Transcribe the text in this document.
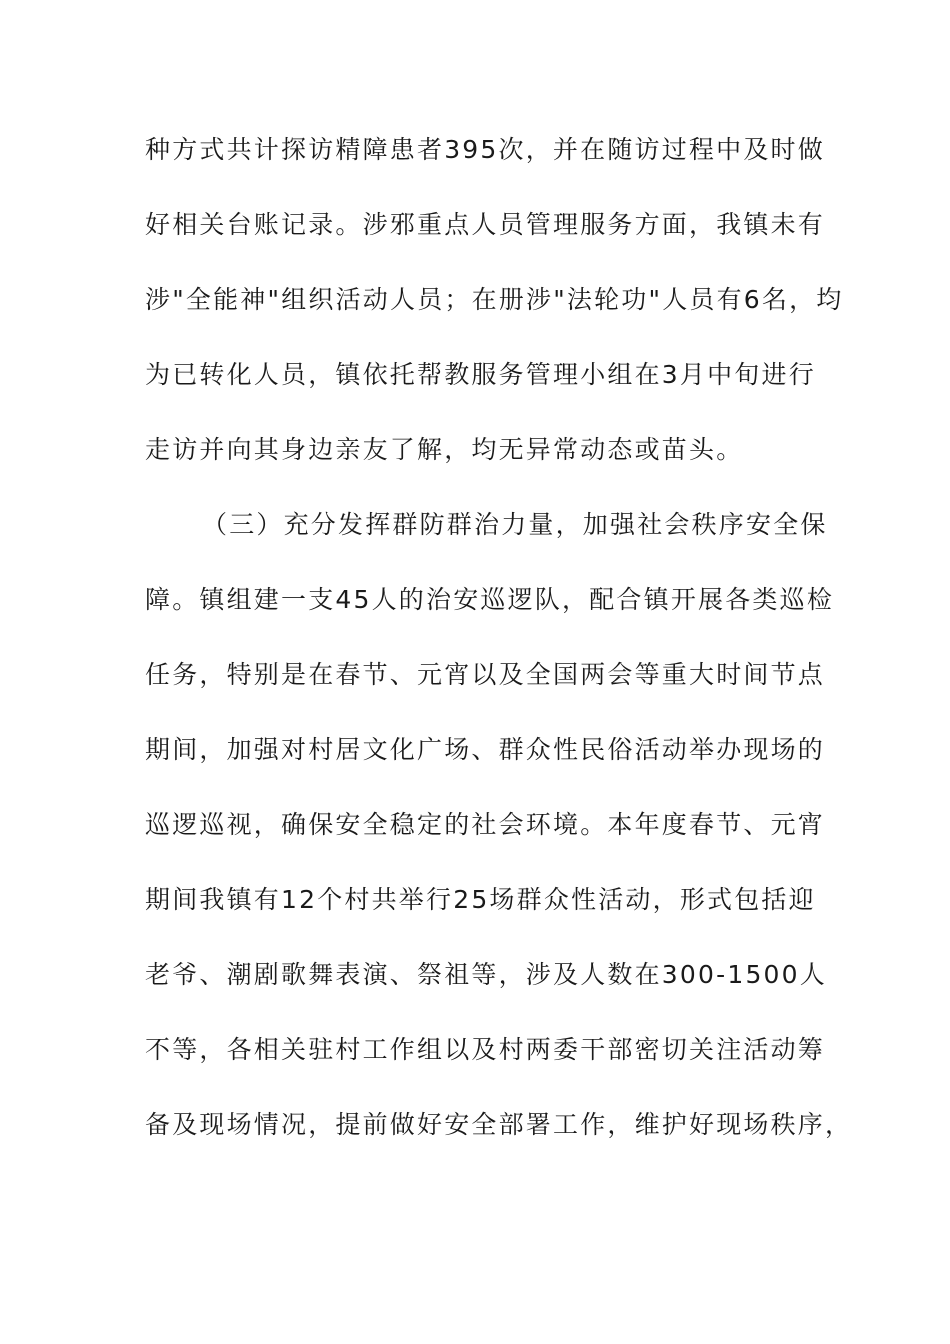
种方式共计探访精障患者395次，并在随访过程中及时做
好相关台账记录。涉邪重点人员管理服务方面，我镇未有
涉"全能神"组织活动人员；在册涉"法轮功"人员有6名，均
为已转化人员，镇依托帮教服务管理小组在3月中旬进行
走访并向其身边亲友了解，均无异常动态或苗头。
（三）充分发挥群防群治力量，加强社会秩序安全保
障。镇组建一支45人的治安巡逻队，配合镇开展各类巡检
任务，特别是在春节、元宵以及全国两会等重大时间节点
期间，加强对村居文化广场、群众性民俗活动举办现场的
巡逻巡视，确保安全稳定的社会环境。本年度春节、元宵
期间我镇有12个村共举行25场群众性活动，形式包括迎
老爷、潮剧歌舞表演、祭祖等，涉及人数在300-1500人
不等，各相关驻村工作组以及村两委干部密切关注活动筹
备及现场情况，提前做好安全部署工作，维护好现场秩序，
